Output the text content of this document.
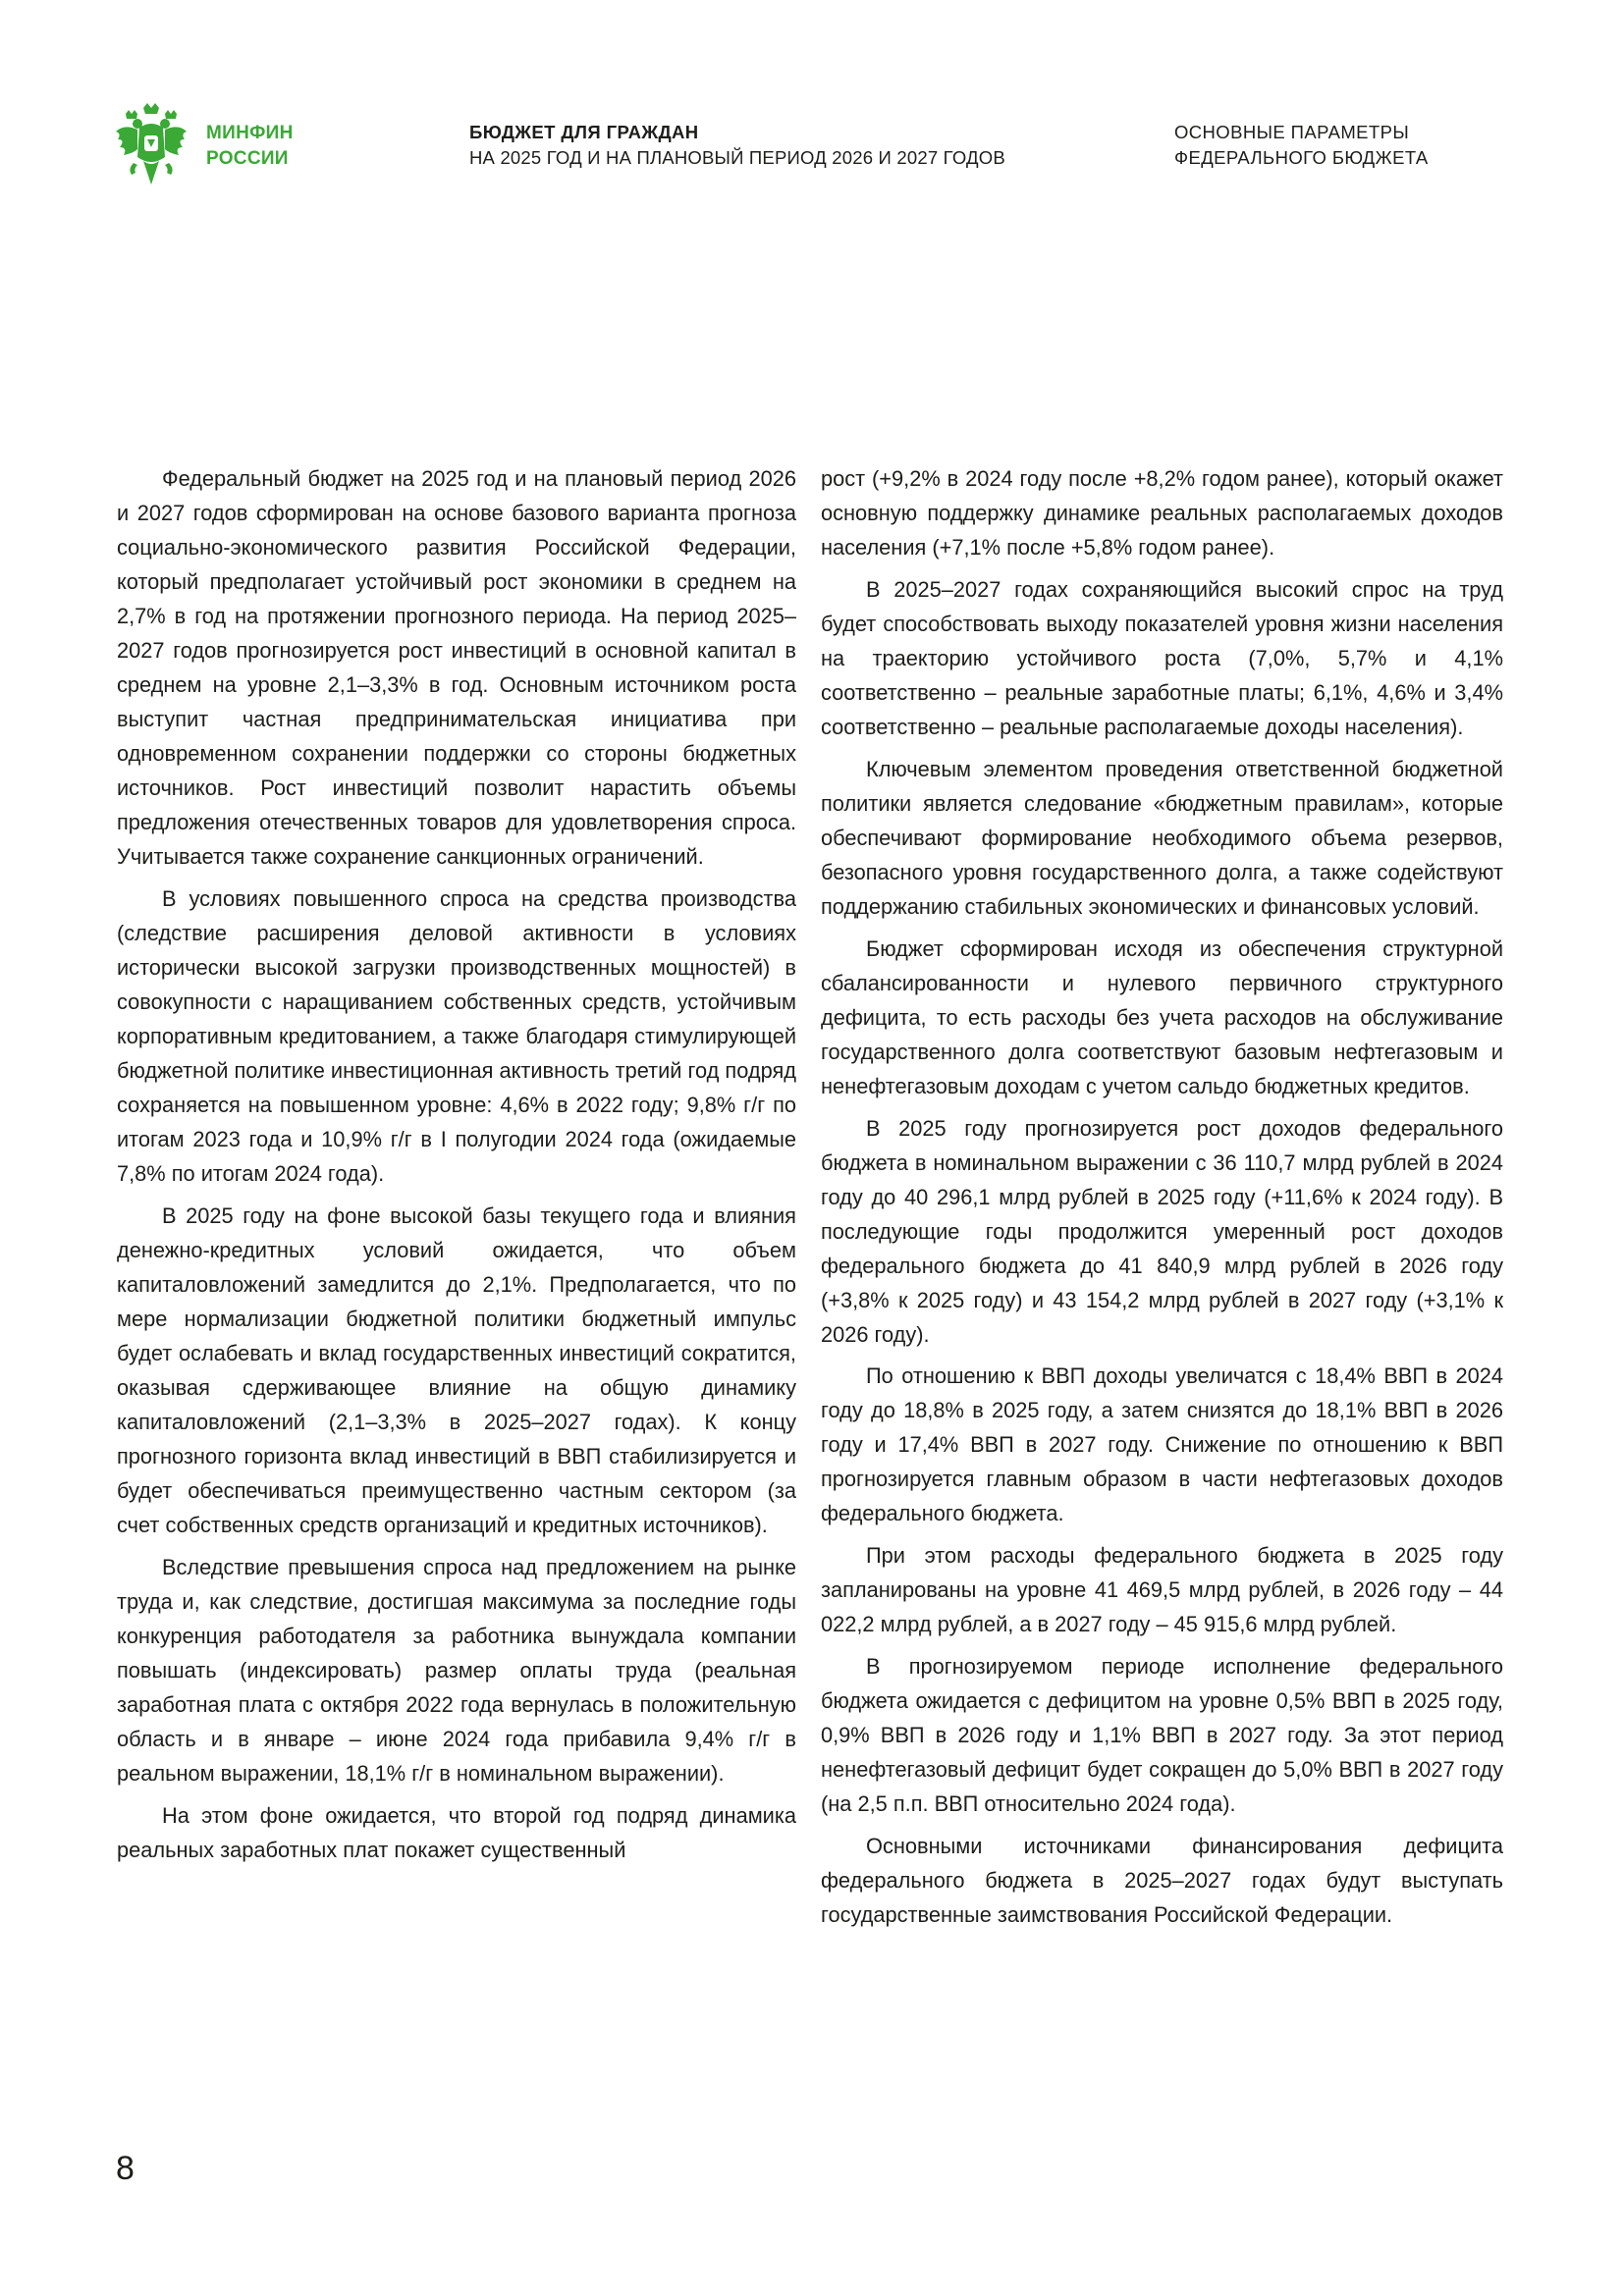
МИНФИН
РОССИИ
БЮДЖЕТ ДЛЯ ГРАЖДАН
НА 2025 ГОД И НА ПЛАНОВЫЙ ПЕРИОД 2026 И 2027 ГОДОВ
ОСНОВНЫЕ ПАРАМЕТРЫ
ФЕДЕРАЛЬНОГО БЮДЖЕТА

Федеральный бюджет на 2025 год и на плановый период 2026 и 2027 годов сформирован на основе базового варианта прогноза социально-экономического развития Российской Федерации, который предполагает устойчивый рост экономики в среднем на 2,7% в год на протяжении прогнозного периода. На период 2025–2027 годов прогнозируется рост инвестиций в основной капитал в среднем на уровне 2,1–3,3% в год. Основным источником роста выступит частная предпринимательская инициатива при одновременном сохранении поддержки со стороны бюджетных источников. Рост инвестиций позволит нарастить объемы предложения отечественных товаров для удовлетворения спроса. Учитывается также сохранение санкционных ограничений.

В условиях повышенного спроса на средства производства (следствие расширения деловой активности в условиях исторически высокой загрузки производственных мощностей) в совокупности с наращиванием собственных средств, устойчивым корпоративным кредитованием, а также благодаря стимулирующей бюджетной политике инвестиционная активность третий год подряд сохраняется на повышенном уровне: 4,6% в 2022 году; 9,8% г/г по итогам 2023 года и 10,9% г/г в I полугодии 2024 года (ожидаемые 7,8% по итогам 2024 года).

В 2025 году на фоне высокой базы текущего года и влияния денежно-кредитных условий ожидается, что объем капиталовложений замедлится до 2,1%. Предполагается, что по мере нормализации бюджетной политики бюджетный импульс будет ослабевать и вклад государственных инвестиций сократится, оказывая сдерживающее влияние на общую динамику капиталовложений (2,1–3,3% в 2025–2027 годах). К концу прогнозного горизонта вклад инвестиций в ВВП стабилизируется и будет обеспечиваться преимущественно частным сектором (за счет собственных средств организаций и кредитных источников).

Вследствие превышения спроса над предложением на рынке труда и, как следствие, достигшая максимума за последние годы конкуренция работодателя за работника вынуждала компании повышать (индексировать) размер оплаты труда (реальная заработная плата с октября 2022 года вернулась в положительную область и в январе – июне 2024 года прибавила 9,4% г/г в реальном выражении, 18,1% г/г в номинальном выражении).

На этом фоне ожидается, что второй год подряд динамика реальных заработных плат покажет существенный

рост (+9,2% в 2024 году после +8,2% годом ранее), который окажет основную поддержку динамике реальных располагаемых доходов населения (+7,1% после +5,8% годом ранее).

В 2025–2027 годах сохраняющийся высокий спрос на труд будет способствовать выходу показателей уровня жизни населения на траекторию устойчивого роста (7,0%, 5,7% и 4,1% соответственно – реальные заработные платы; 6,1%, 4,6% и 3,4% соответственно – реальные располагаемые доходы населения).

Ключевым элементом проведения ответственной бюджетной политики является следование «бюджетным правилам», которые обеспечивают формирование необходимого объема резервов, безопасного уровня государственного долга, а также содействуют поддержанию стабильных экономических и финансовых условий.

Бюджет сформирован исходя из обеспечения структурной сбалансированности и нулевого первичного структурного дефицита, то есть расходы без учета расходов на обслуживание государственного долга соответствуют базовым нефтегазовым и ненефтегазовым доходам с учетом сальдо бюджетных кредитов.

В 2025 году прогнозируется рост доходов федерального бюджета в номинальном выражении с 36 110,7 млрд рублей в 2024 году до 40 296,1 млрд рублей в 2025 году (+11,6% к 2024 году). В последующие годы продолжится умеренный рост доходов федерального бюджета до 41 840,9 млрд рублей в 2026 году (+3,8% к 2025 году) и 43 154,2 млрд рублей в 2027 году (+3,1% к 2026 году).

По отношению к ВВП доходы увеличатся с 18,4% ВВП в 2024 году до 18,8% в 2025 году, а затем снизятся до 18,1% ВВП в 2026 году и 17,4% ВВП в 2027 году. Снижение по отношению к ВВП прогнозируется главным образом в части нефтегазовых доходов федерального бюджета.

При этом расходы федерального бюджета в 2025 году запланированы на уровне 41 469,5 млрд рублей, в 2026 году – 44 022,2 млрд рублей, а в 2027 году – 45 915,6 млрд рублей.

В прогнозируемом периоде исполнение федерального бюджета ожидается с дефицитом на уровне 0,5% ВВП в 2025 году, 0,9% ВВП в 2026 году и 1,1% ВВП в 2027 году. За этот период ненефтегазовый дефицит будет сокращен до 5,0% ВВП в 2027 году (на 2,5 п.п. ВВП относительно 2024 года).

Основными источниками финансирования дефицита федерального бюджета в 2025–2027 годах будут выступать государственные заимствования Российской Федерации.

8
